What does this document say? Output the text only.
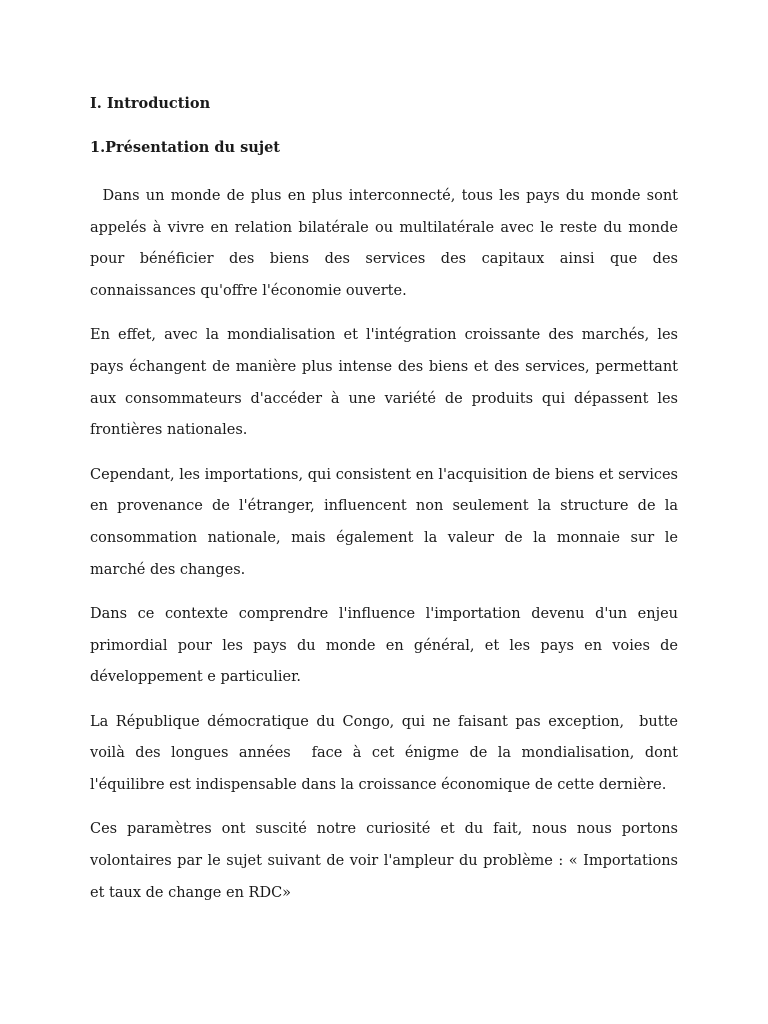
I. Introduction
1.Présentation du sujet

Dans un monde de plus en plus interconnecté, tous les pays du monde sont appelés à vivre en relation bilatérale ou multilatérale avec le reste du monde pour bénéficier des biens des services des capitaux ainsi que des connaissances qu'offre l'économie ouverte.

En effet, avec la mondialisation et l'intégration croissante des marchés, les pays échangent de manière plus intense des biens et des services, permettant aux consommateurs d'accéder à une variété de produits qui dépassent les frontières nationales.

Cependant, les importations, qui consistent en l'acquisition de biens et services en provenance de l'étranger, influencent non seulement la structure de la consommation nationale, mais également la valeur de la monnaie sur le marché des changes.

Dans ce contexte comprendre l'influence l'importation devenu d'un enjeu primordial pour les pays du monde en général, et les pays en voies de développement e particulier.

La République démocratique du Congo, qui ne faisant pas exception,  butte voilà des longues années  face à cet énigme de la mondialisation, dont l'équilibre est indispensable dans la croissance économique de cette dernière.

Ces paramètres ont suscité notre curiosité et du fait, nous nous portons volontaires par le sujet suivant de voir l'ampleur du problème : « Importations et taux de change en RDC»
